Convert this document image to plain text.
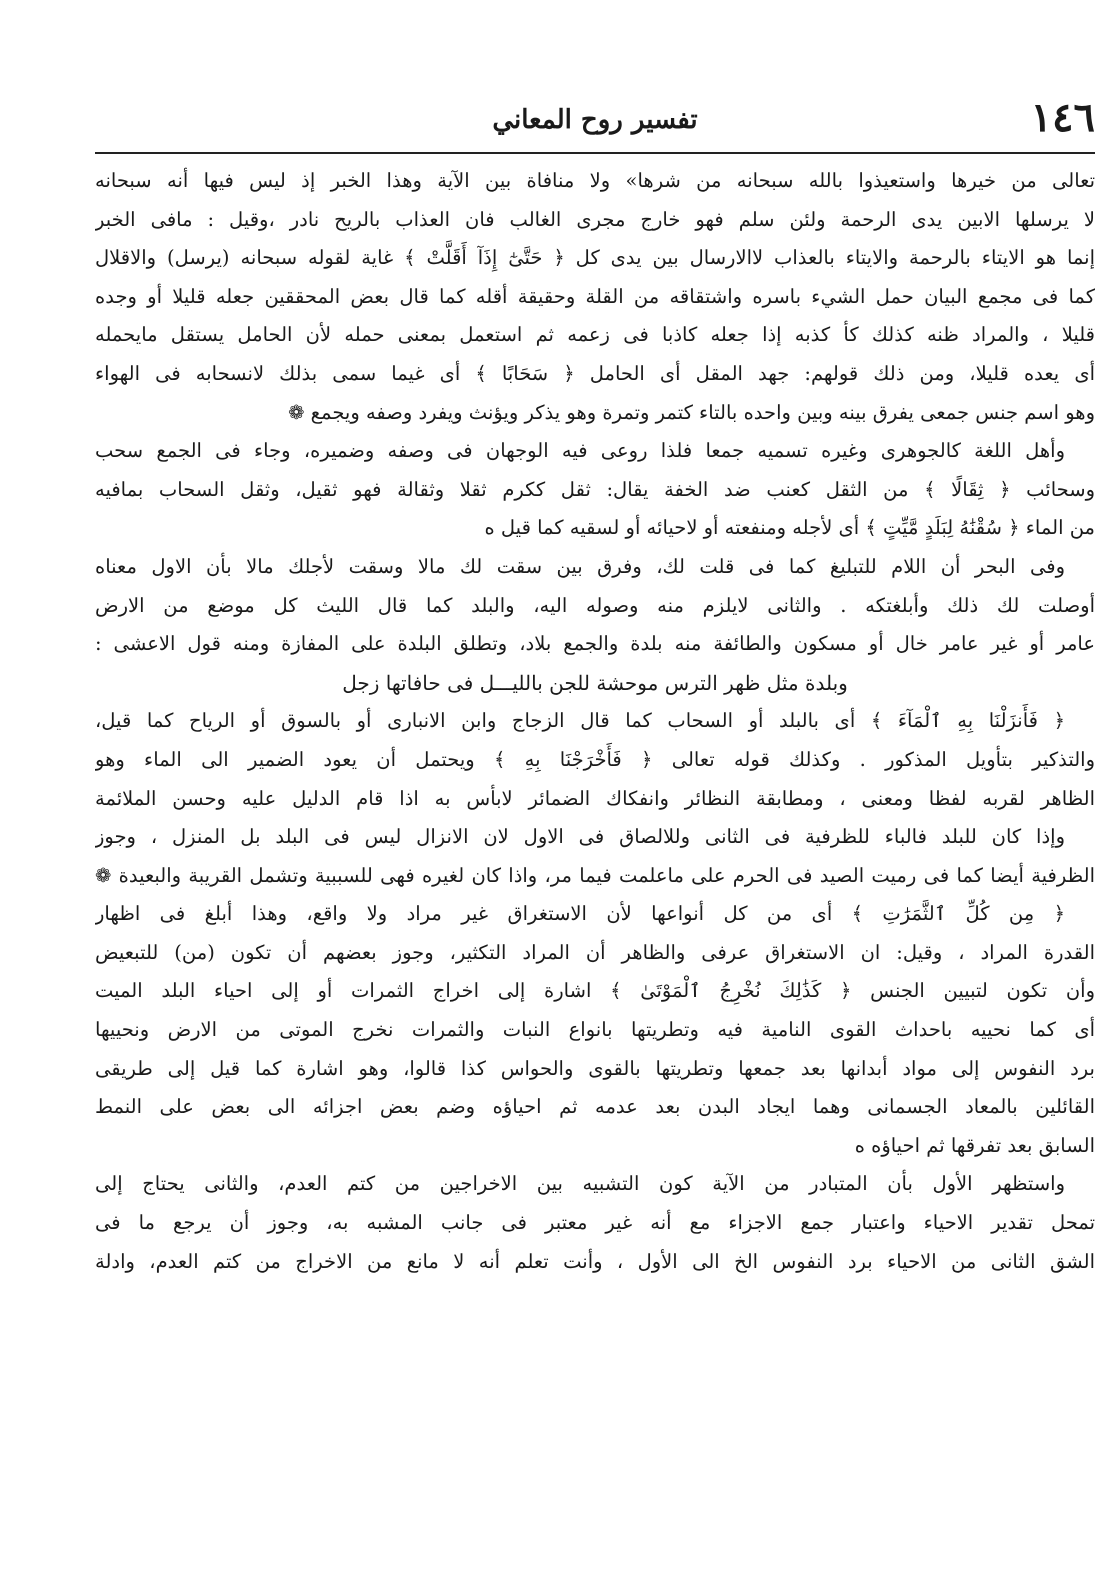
١٤٦
تفسير روح المعاني
تعالى من خيرها واستعيذوا بالله سبحانه من شرها» ولا منافاة بين الآية وهذا الخبر إذ ليس فيها أنه سبحانه
لا يرسلها الابين يدى الرحمة ولئن سلم فهو خارج مجرى الغالب فان العذاب بالريح نادر ،وقيل : مافى الخبر
إنما هو الايتاء بالرحمة والايتاء بالعذاب لاالارسال بين يدى كل ﴿ حَتَّىٰٓ إِذَآ أَقَلَّتْ ﴾ غاية لقوله سبحانه (يرسل) والاقلال
كما فى مجمع البيان حمل الشيء باسره واشتقاقه من القلة وحقيقة أقله كما قال بعض المحققين جعله قليلا أو وجده
قليلا ، والمراد ظنه كذلك كأ كذبه إذا جعله كاذبا فى زعمه ثم استعمل بمعنى حمله لأن الحامل يستقل مايحمله
أى يعده قليلا، ومن ذلك قولهم: جهد المقل أى الحامل ﴿ سَحَابًا ﴾ أى غيما سمى بذلك لانسحابه فى الهواء
وهو اسم جنس جمعى يفرق بينه وبين واحده بالتاء كتمر وتمرة وهو يذكر ويؤنث ويفرد وصفه ويجمع ❁
وأهل اللغة كالجوهرى وغيره تسميه جمعا فلذا روعى فيه الوجهان فى وصفه وضميره، وجاء فى الجمع سحب
وسحائب ﴿ ثِقَالًا ﴾ من الثقل كعنب ضد الخفة يقال: ثقل ككرم ثقلا وثقالة فهو ثقيل، وثقل السحاب بمافيه
من الماء ﴿ سُقْنَٰهُ لِبَلَدٍ مَّيِّتٍ ﴾ أى لأجله ومنفعته أو لاحيائه أو لسقيه كما قيل ه
وفى البحر أن اللام للتبليغ كما فى قلت لك، وفرق بين سقت لك مالا وسقت لأجلك مالا بأن الاول معناه
أوصلت لك ذلك وأبلغتكه . والثانى لايلزم منه وصوله اليه، والبلد كما قال الليث كل موضع من الارض
عامر أو غير عامر خال أو مسكون والطائفة منه بلدة والجمع بلاد، وتطلق البلدة على المفازة ومنه قول الاعشى :
وبلدة مثل ظهر الترس موحشة للجن بالليـــل فى حافاتها زجل
﴿ فَأَنزَلْنَا بِهِ ٱلْمَآءَ ﴾ أى بالبلد أو السحاب كما قال الزجاج وابن الانبارى أو بالسوق أو الرياح كما قيل،
والتذكير بتأويل المذكور . وكذلك قوله تعالى ﴿ فَأَخْرَجْنَا بِهِ ﴾ ويحتمل أن يعود الضمير الى الماء وهو
الظاهر لقربه لفظا ومعنى ، ومطابقة النظائر وانفكاك الضمائر لابأس به اذا قام الدليل عليه وحسن الملائمة
وإذا كان للبلد فالباء للظرفية فى الثانى وللالصاق فى الاول لان الانزال ليس فى البلد بل المنزل ، وجوز
الظرفية أيضا كما فى رميت الصيد فى الحرم على ماعلمت فيما مر، واذا كان لغيره فهى للسببية وتشمل القريبة والبعيدة ❁
﴿ مِن كُلِّ ٱلثَّمَرَٰتِ ﴾ أى من كل أنواعها لأن الاستغراق غير مراد ولا واقع، وهذا أبلغ فى اظهار
القدرة المراد ، وقيل: ان الاستغراق عرفى والظاهر أن المراد التكثير، وجوز بعضهم أن تكون (من) للتبعيض
وأن تكون لتبيين الجنس ﴿ كَذَٰلِكَ نُخْرِجُ ٱلْمَوْتَىٰ ﴾ اشارة إلى اخراج الثمرات أو إلى احياء البلد الميت
أى كما نحييه باحداث القوى النامية فيه وتطريتها بانواع النبات والثمرات نخرج الموتى من الارض ونحييها
برد النفوس إلى مواد أبدانها بعد جمعها وتطريتها بالقوى والحواس كذا قالوا، وهو اشارة كما قيل إلى طريقى
القائلين بالمعاد الجسمانى وهما ايجاد البدن بعد عدمه ثم احياؤه وضم بعض اجزائه الى بعض على النمط
السابق بعد تفرقها ثم احياؤه ه
واستظهر الأول بأن المتبادر من الآية كون التشبيه بين الاخراجين من كتم العدم، والثانى يحتاج إلى
تمحل تقدير الاحياء واعتبار جمع الاجزاء مع أنه غير معتبر فى جانب المشبه به، وجوز أن يرجع ما فى
الشق الثانى من الاحياء برد النفوس الخ الى الأول ، وأنت تعلم أنه لا مانع من الاخراج من كتم العدم، وادلة
